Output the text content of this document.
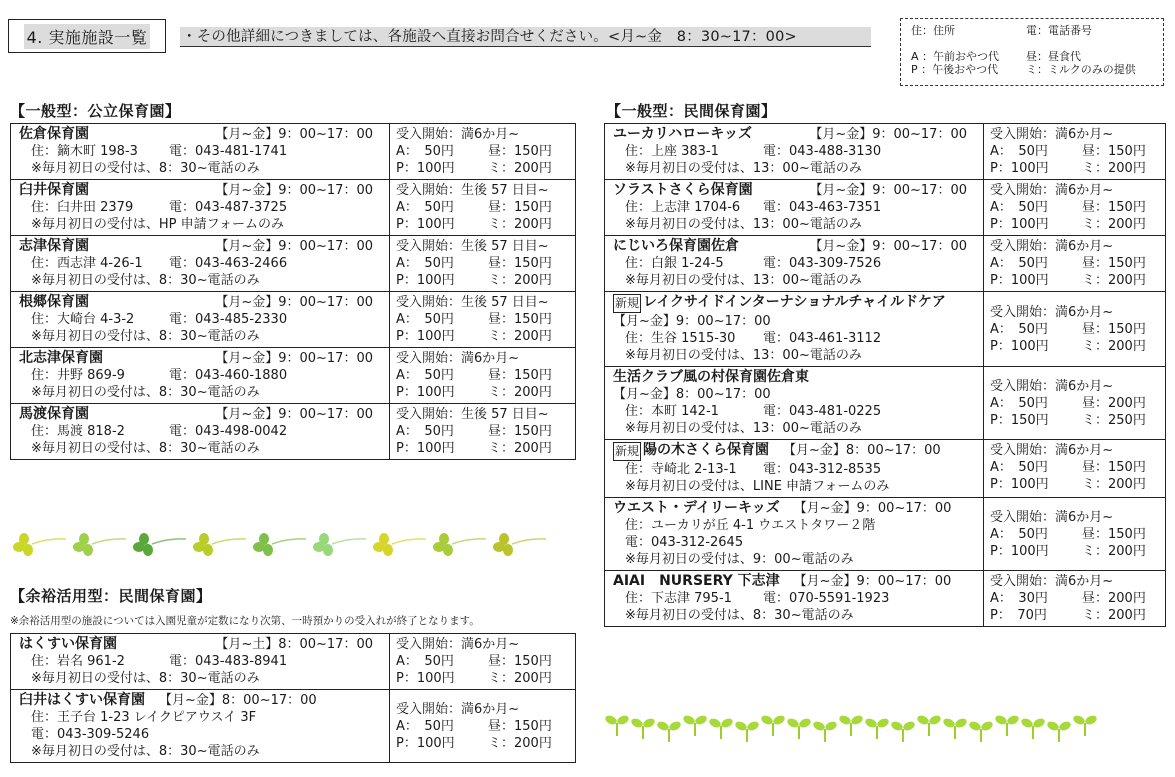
4. 実施施設一覧 ・その他詳細につきましては、各施設へ直接お問合せください。<月~金　8：30~17：00>	住：住所	電：電話番号
A ：午前おやつ代	昼：昼食代
P ：午後おやつ代	ミ：ミルクのみの提供
【一般型：公立保育園】
佐倉保育園	【月~金】9：00~17：00
住：鏑木町 198-3 電：043-481-1741
※毎月初日の受付は、8：30~電話のみ

受入開始：満6か月~
A：　50円	昼：150円
P：100円	ミ：200円

臼井保育園	【月~金】9：00~17：00
住：臼井田 2379	電：043-487-3725
※毎月初日の受付は、HP 申請フォームのみ

受入開始：生後 57 日目~
A：　50円	昼：150円
P：100円	ミ：200円

志津保育園	【月~金】9：00~17：00
住：西志津 4-26-1 電：043-463-2466
※毎月初日の受付は、8：30~電話のみ

受入開始：生後 57 日目~
A：　50円	昼：150円
P：100円	ミ：200円

根郷保育園	【月~金】9：00~17：00
住：大崎台 4-3-2	電：043-485-2330
※毎月初日の受付は、8：30~電話のみ

受入開始：生後 57 日目~
A：　50円	昼：150円
P：100円	ミ：200円

北志津保育園	【月~金】9：00~17：00
住：井野 869-9	電：043-460-1880
※毎月初日の受付は、8：30~電話のみ

受入開始：満6か月~
A：　50円	昼：150円
P：100円	ミ：200円

馬渡保育園	【月~金】9：00~17：00
住：馬渡 818-2	電：043-498-0042
※毎月初日の受付は、8：30~電話のみ

受入開始：生後 57 日目~
A：　50円	昼：150円
P：100円	ミ：200円
【余裕活用型：民間保育園】
※余裕活用型の施設については入園児童が定数になり次第、一時預かりの受入れが終了となります。
はくすい保育園	【月~土】8：00~17：00
住：岩名 961-2	電：043-483-8941
※毎月初日の受付は、8：30~電話のみ

受入開始：満6か月~
A：　50円	昼：150円
P：100円	ミ：200円

臼井はくすい保育園 【月~金】8：00~17：00
住：王子台 1-23 レイクピアウスイ 3F
電：043-309-5246
※毎月初日の受付は、8：30~電話のみ

受入開始：満6か月~
A：　50円	昼：150円
P：100円	ミ：200円
【一般型：民間保育園】
ユーカリハローキッズ	【月~金】9：00~17：00
住：上座 383-1	電：043-488-3130
※毎月初日の受付は、13：00~電話のみ

受入開始：満6か月~
A：　50円	昼：150円
P：100円	ミ：200円

ソラストさくら保育園	【月~金】9：00~17：00
住：上志津 1704-6 電：043-463-7351
※毎月初日の受付は、13：00~電話のみ

受入開始：満6か月~
A：　50円	昼：150円
P：100円	ミ：200円

にじいろ保育園佐倉	【月~金】9：00~17：00
住：白銀 1-24-5	電：043-309-7526
※毎月初日の受付は、13：00~電話のみ

受入開始：満6か月~
A：　50円	昼：150円
P：100円	ミ：200円

新規 レイクサイドインターナショナルチャイルドケア
【月~金】9：00~17：00
住：生谷 1515-30 電：043-461-3112
※毎月初日の受付は、13：00~電話のみ

受入開始：満6か月~
A：　50円	昼：150円
P：100円	ミ：200円

生活クラブ風の村保育園佐倉東
【月~金】8：00~17：00
住：本町 142-1	電：043-481-0225
※毎月初日の受付は、13：00~電話のみ

受入開始：満6か月~
A：　50円	昼：200円
P：150円	ミ：250円

新規 陽の木さくら保育園 【月~金】8：00~17：00
住：寺崎北 2-13-1 電：043-312-8535
※毎月初日の受付は、LINE 申請フォームのみ

受入開始：満6か月~
A：　50円	昼：150円
P：100円	ミ：200円

ウエスト・デイリーキッズ 【月~金】9：00~17：00
住：ユーカリが丘 4-1 ウエストタワー２階
電：043-312-2645
※毎月初日の受付は、9：00~電話のみ

受入開始：満6か月~
A：　50円	昼：150円
P：100円	ミ：200円

AIAI　NURSERY 下志津 【月~金】9：00~17：00
住：下志津 795-1 電：070-5591-1923
※毎月初日の受付は、8：30~電話のみ

受入開始：満6か月~
A：　30円	昼：200円
P：　70円	ミ：200円
